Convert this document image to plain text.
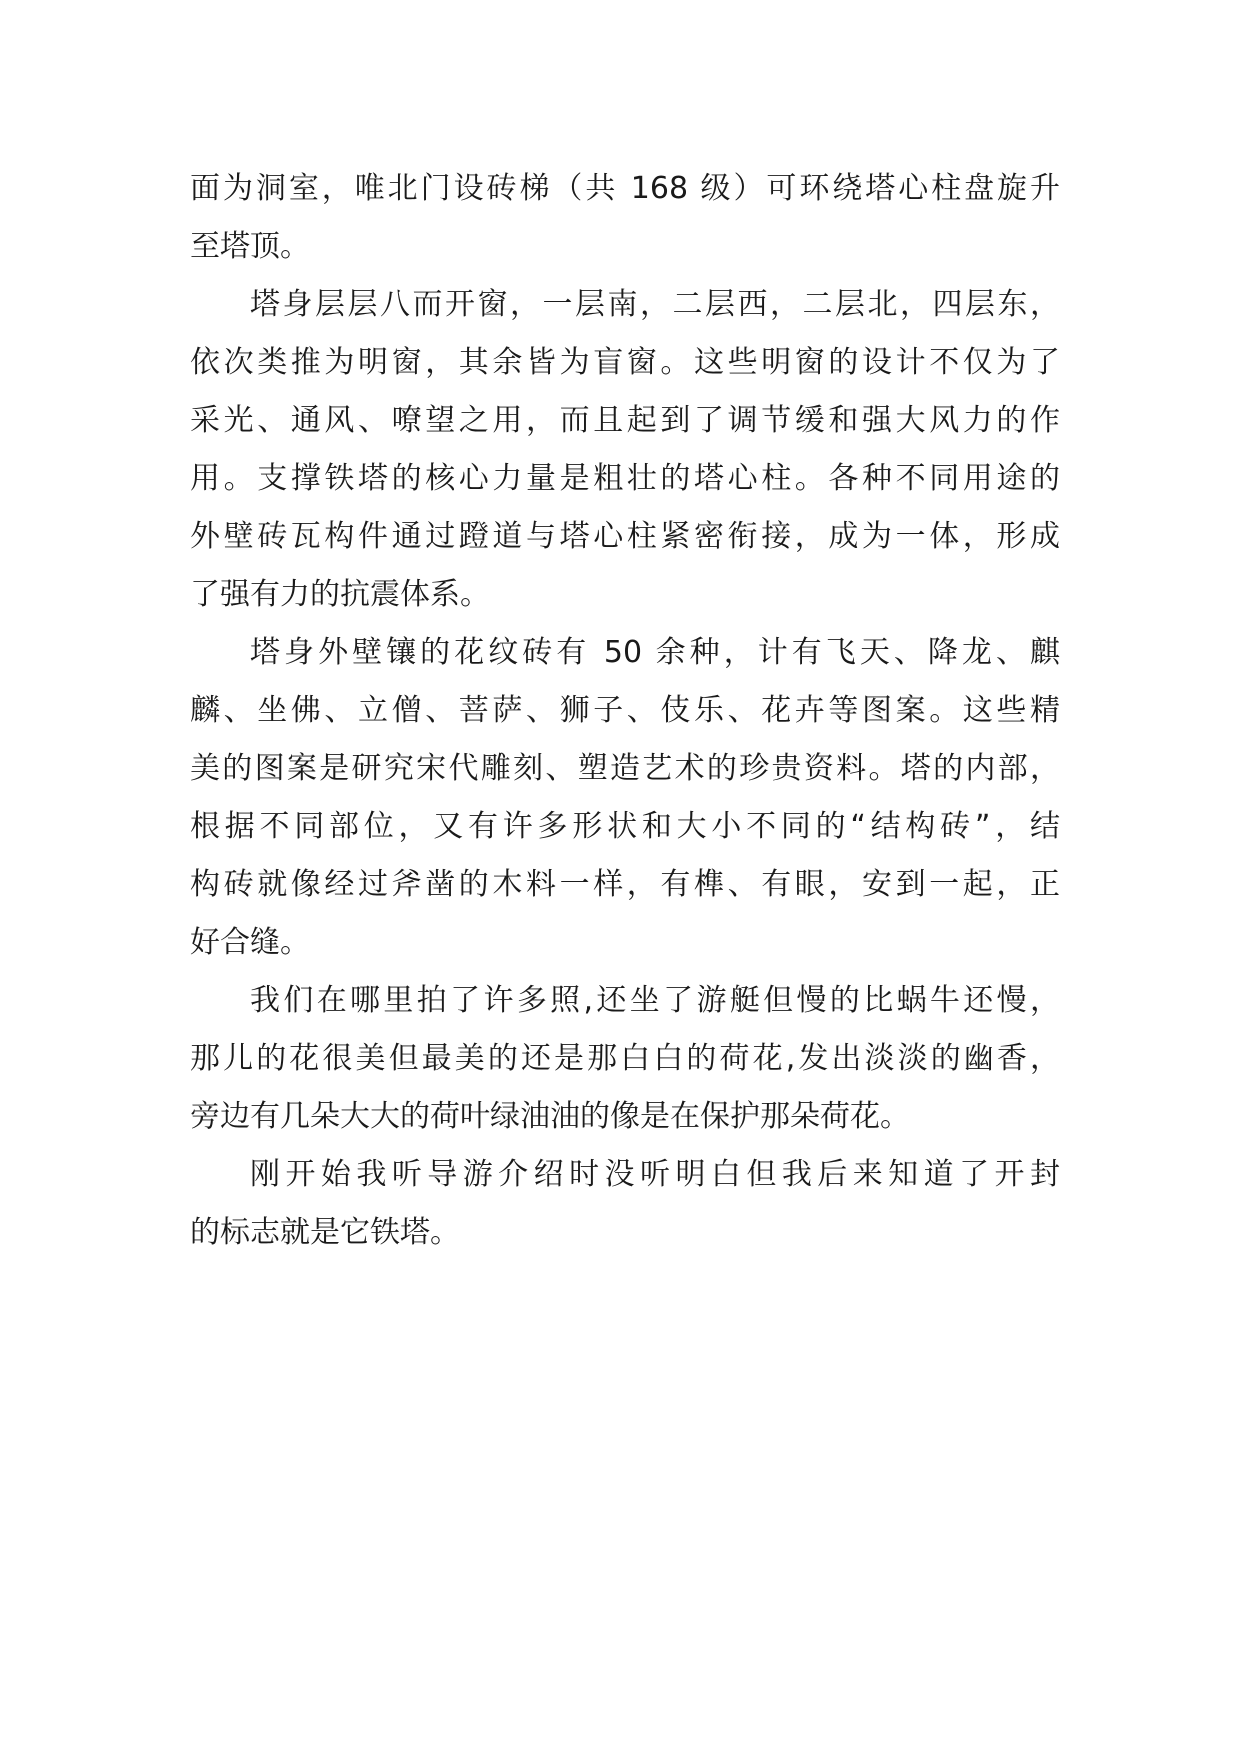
面为洞室，唯北门设砖梯（共 168 级）可环绕塔心柱盘旋升
至塔顶。
塔身层层八而开窗，一层南，二层西，二层北，四层东，
依次类推为明窗，其余皆为盲窗。这些明窗的设计不仅为了
采光、通风、嘹望之用，而且起到了调节缓和强大风力的作
用。支撑铁塔的核心力量是粗壮的塔心柱。各种不同用途的
外壁砖瓦构件通过蹬道与塔心柱紧密衔接，成为一体，形成
了强有力的抗震体系。
塔身外壁镶的花纹砖有 50 余种，计有飞天、降龙、麒
麟、坐佛、立僧、菩萨、狮子、伎乐、花卉等图案。这些精
美的图案是研究宋代雕刻、塑造艺术的珍贵资料。塔的内部，
根据不同部位，又有许多形状和大小不同的“结构砖”，结
构砖就像经过斧凿的木料一样，有榫、有眼，安到一起，正
好合缝。
我们在哪里拍了许多照,还坐了游艇但慢的比蜗牛还慢，
那儿的花很美但最美的还是那白白的荷花,发出淡淡的幽香，
旁边有几朵大大的荷叶绿油油的像是在保护那朵荷花。
刚开始我听导游介绍时没听明白但我后来知道了开封
的标志就是它铁塔。
